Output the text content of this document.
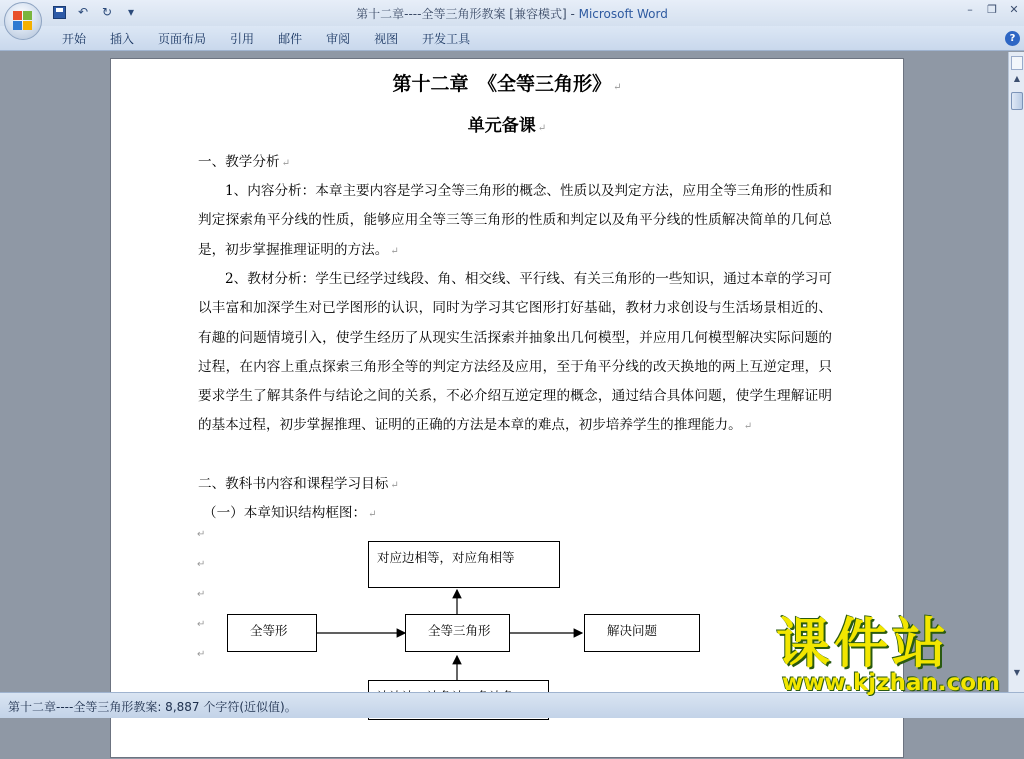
第十二章----全等三角形教案 [兼容模式] - Microsoft Word
↶	↻	▾	– ❐ ✕
开始	插入	页面布局	引用	邮件	审阅	视图	开发工具	?
第十二章　《全等三角形》 ↵
单元备课 ↵
一、教学分析 ↵
1、内容分析：本章主要内容是学习全等三角形的概念、性质以及判定方法，应用全等三角形的性质和判定探索角平分线的性质，能够应用全等三等三角形的性质和判定以及角平分线的性质解决简单的几何总是，初步掌握推理证明的方法。 ↵
2、教材分析：学生已经学过线段、角、相交线、平行线、有关三角形的一些知识，通过本章的学习可以丰富和加深学生对已学图形的认识，同时为学习其它图形打好基础，教材力求创设与生活场景相近的、有趣的问题情境引入，使学生经历了从现实生活探索并抽象出几何模型，并应用几何模型解决实际问题的过程，在内容上重点探索三角形全等的判定方法经及应用，至于角平分线的改天换地的两上互逆定理，只要求学生了解其条件与结论之间的关系，不必介绍互逆定理的概念，通过结合具体问题，使学生理解证明的基本过程，初步掌握推理、证明的正确的方法是本章的难点，初步培养学生的推理能力。 ↵
二、教科书内容和课程学习目标 ↵
（一）本章知识结构框图： ↵
↵
↵
↵
↵
↵
对应边相等，对应角相等
全等形	全等三角形	解决问题
▲
▼
第十二章----全等三角形教案: 8,887 个字符(近似值)。
课件站
www.kjzhan.com
